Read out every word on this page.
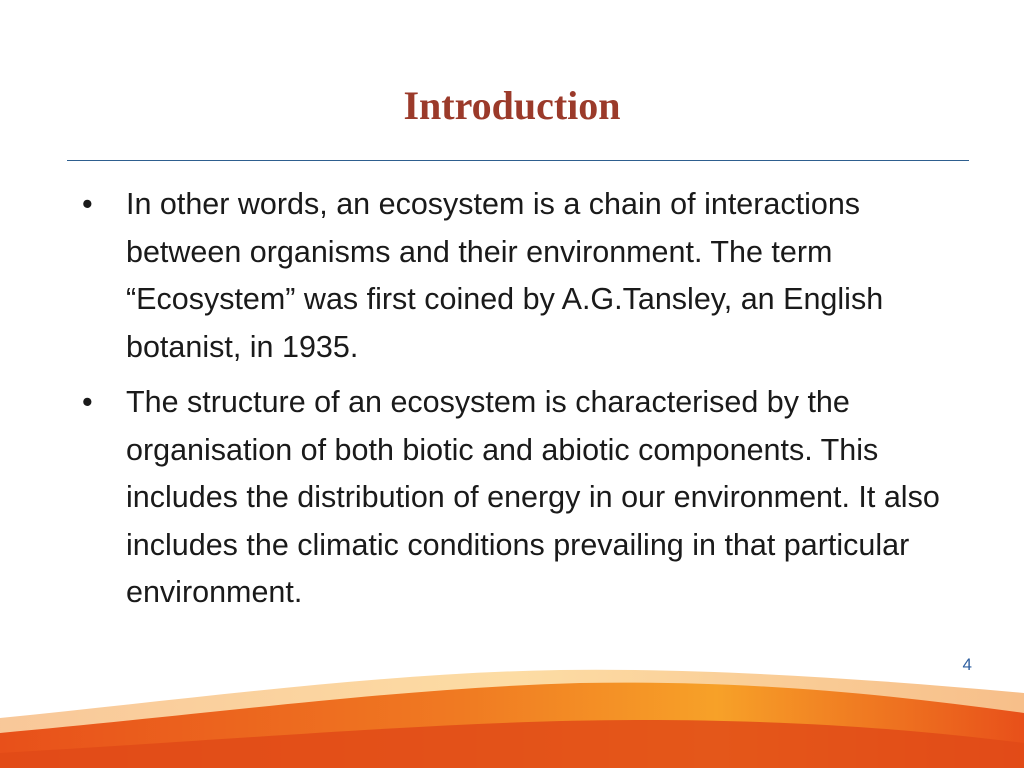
Introduction
•	In other words, an ecosystem is a chain of interactions between organisms and their environment. The term “Ecosystem” was first coined by A.G.Tansley, an English botanist, in 1935.
•	The structure of an ecosystem is characterised by the organisation of both biotic and abiotic components. This includes the distribution of energy in our environment. It also includes the climatic conditions prevailing in that particular environment.
4
